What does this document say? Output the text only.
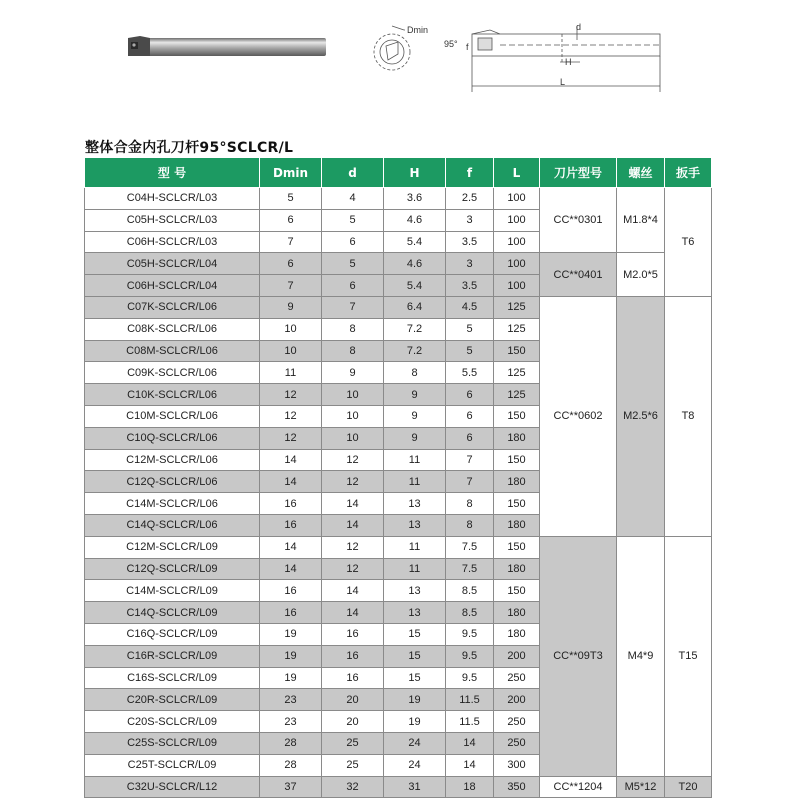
Dmin
95°
d
f
H
L
整体合金内孔刀杆95°SCLCR/L
型 号	Dmin	d	H	f	L	刀片型号	螺丝	扳手
C04H-SCLCR/L03	5	4	3.6	2.5	100	CC**0301	M1.8*4	T6
C05H-SCLCR/L03	6	5	4.6	3	100			
C06H-SCLCR/L03	7	6	5.4	3.5	100			
C05H-SCLCR/L04	6	5	4.6	3	100	CC**0401	M2.0*5	
C06H-SCLCR/L04	7	6	5.4	3.5	100			
C07K-SCLCR/L06	9	7	6.4	4.5	125	CC**0602	M2.5*6	T8
C08K-SCLCR/L06	10	8	7.2	5	125			
C08M-SCLCR/L06	10	8	7.2	5	150			
C09K-SCLCR/L06	11	9	8	5.5	125			
C10K-SCLCR/L06	12	10	9	6	125			
C10M-SCLCR/L06	12	10	9	6	150			
C10Q-SCLCR/L06	12	10	9	6	180			
C12M-SCLCR/L06	14	12	11	7	150			
C12Q-SCLCR/L06	14	12	11	7	180			
C14M-SCLCR/L06	16	14	13	8	150			
C14Q-SCLCR/L06	16	14	13	8	180			
C12M-SCLCR/L09	14	12	11	7.5	150	CC**09T3	M4*9	T15
C12Q-SCLCR/L09	14	12	11	7.5	180			
C14M-SCLCR/L09	16	14	13	8.5	150			
C14Q-SCLCR/L09	16	14	13	8.5	180			
C16Q-SCLCR/L09	19	16	15	9.5	180			
C16R-SCLCR/L09	19	16	15	9.5	200			
C16S-SCLCR/L09	19	16	15	9.5	250			
C20R-SCLCR/L09	23	20	19	11.5	200			
C20S-SCLCR/L09	23	20	19	11.5	250			
C25S-SCLCR/L09	28	25	24	14	250			
C25T-SCLCR/L09	28	25	24	14	300			
C32U-SCLCR/L12	37	32	31	18	350	CC**1204	M5*12	T20
